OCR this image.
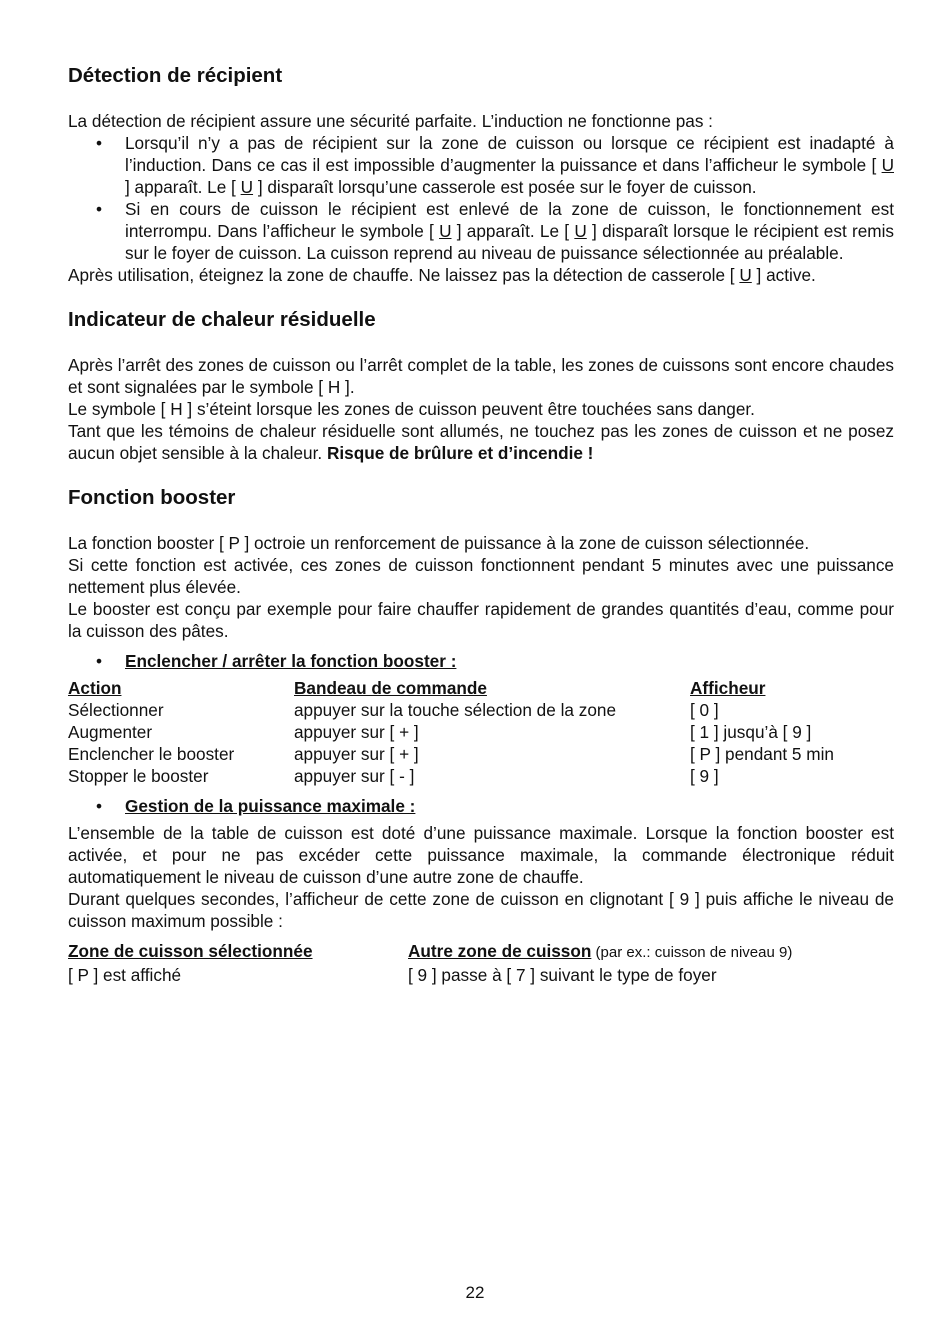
Détection de récipient

La détection de récipient assure une sécurité parfaite. L’induction ne fonctionne pas :

• Lorsqu’il n’y a pas de récipient sur la zone de cuisson ou lorsque ce récipient est inadapté à l’induction. Dans ce cas il est impossible d’augmenter la puissance et dans l’afficheur le symbole [ U ] apparaît. Le [ U ] disparaît lorsqu’une casserole est posée sur le foyer de cuisson.
• Si en cours de cuisson le récipient est enlevé de la zone de cuisson, le fonctionnement est interrompu. Dans l’afficheur le symbole [ U ] apparaît. Le [ U ] disparaît lorsque le récipient est remis sur le foyer de cuisson. La cuisson reprend au niveau de puissance sélectionnée au préalable.

Après utilisation, éteignez la zone de chauffe. Ne laissez pas la détection de casserole [ U ] active.

Indicateur de chaleur résiduelle

Après l’arrêt des zones de cuisson ou l’arrêt complet de la table, les zones de cuissons sont encore chaudes et sont signalées par le symbole [ H ].

Le symbole [ H ] s’éteint lorsque les zones de cuisson peuvent être touchées sans danger.

Tant que les témoins de chaleur résiduelle sont allumés, ne touchez pas les zones de cuisson et ne posez aucun objet sensible à la chaleur. Risque de brûlure et d’incendie !

Fonction booster

La fonction booster [ P ] octroie un renforcement de puissance à la zone de cuisson sélectionnée.

Si cette fonction est activée, ces zones de cuisson fonctionnent pendant 5 minutes avec une puissance nettement plus élevée.

Le booster est conçu par exemple pour faire chauffer rapidement de grandes quantités d’eau, comme pour la cuisson des pâtes.

• Enclencher / arrêter la fonction booster :
Action	Bandeau de commande	Afficheur
Sélectionner	appuyer sur la touche sélection de la zone	[ 0 ]
Augmenter	appuyer sur [ + ]	[ 1 ] jusqu’à [ 9 ]
Enclencher le booster	appuyer sur [ + ]	[ P ] pendant 5 min
Stopper le booster	appuyer sur [ - ]	[ 9 ]
• Gestion de la puissance maximale :

L’ensemble de la table de cuisson est doté d’une puissance maximale. Lorsque la fonction booster est activée, et pour ne pas excéder cette puissance maximale, la commande électronique réduit automatiquement le niveau de cuisson d’une autre zone de chauffe.

Durant quelques secondes, l’afficheur de cette zone de cuisson en clignotant [ 9 ] puis affiche le niveau de cuisson maximum possible :

Zone de cuisson sélectionnée	Autre zone de cuisson (par ex.: cuisson de niveau 9)
[ P ] est affiché	[ 9 ] passe à [ 7 ] suivant le type de foyer
22
